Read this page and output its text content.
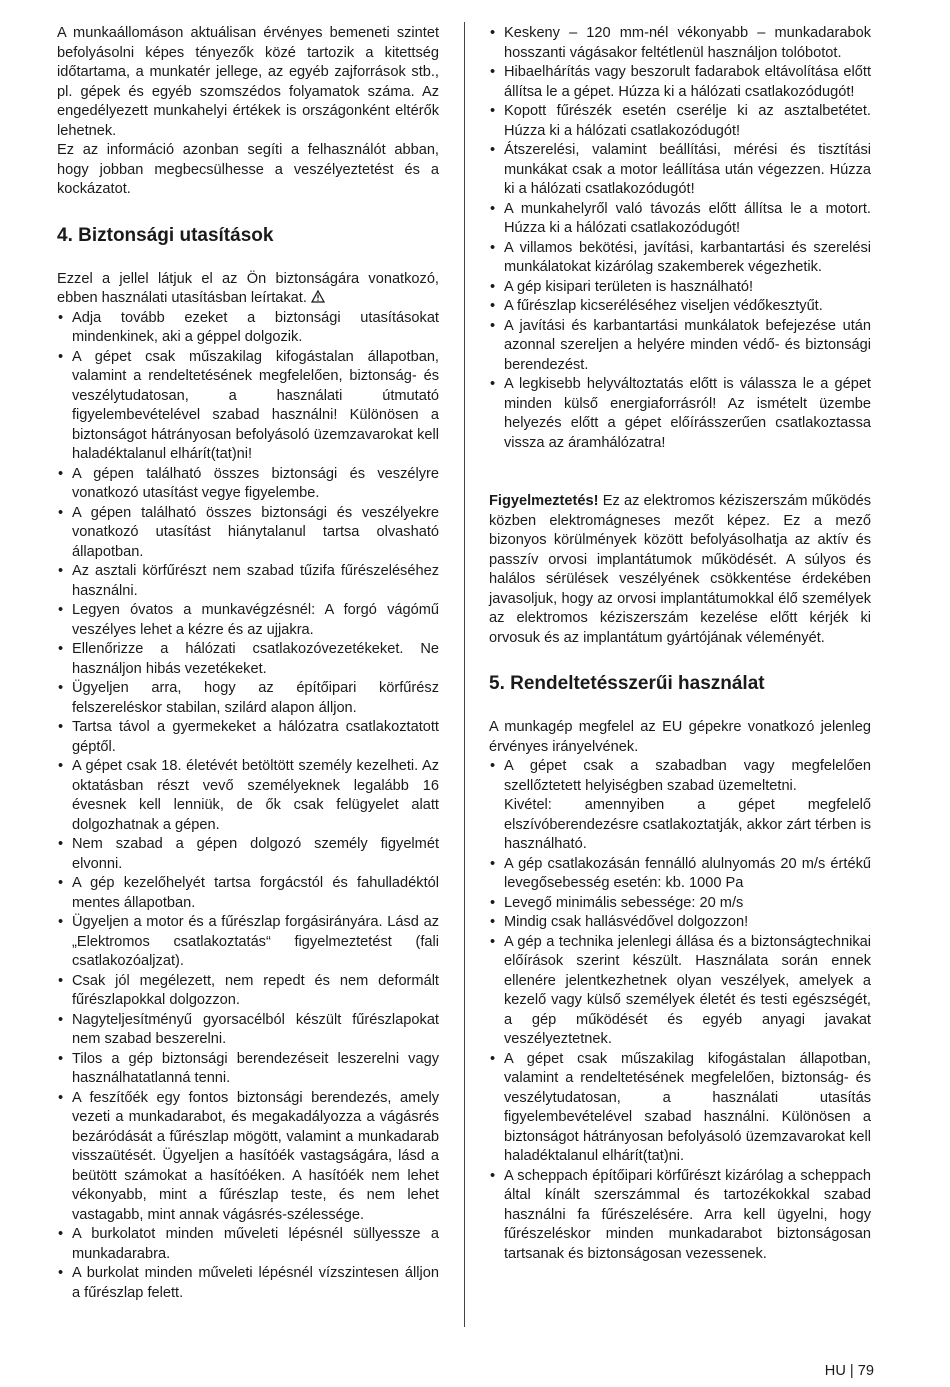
A munkaállomáson aktuálisan érvényes bemeneti szintet befolyásolni képes tényezők közé tartozik a kitettség időtartama, a munkatér jellege, az egyéb zajforrások stb., pl. gépek és egyéb szomszédos folyamatok száma. Az engedélyezett munkahelyi értékek is országonként eltérők lehetnek.

Ez az információ azonban segíti a felhasználót abban, hogy jobban megbecsülhesse a veszélyeztetést és a kockázatot.

4. Biztonsági utasítások

Ezzel a jellel látjuk el az Ön biztonságára vonatkozó, ebben használati utasításban leírtakat.

• Adja tovább ezeket a biztonsági utasításokat mindenkinek, aki a géppel dolgozik.
• A gépet csak műszakilag kifogástalan állapotban, valamint a rendeltetésének megfelelően, biztonság- és veszélytudatosan, a használati útmutató figyelembevételével szabad használni! Különösen a biztonságot hátrányosan befolyásoló üzemzavarokat kell haladéktalanul elhárít(tat)ni!
• A gépen található összes biztonsági és veszélyre vonatkozó utasítást vegye figyelembe.
• A gépen található összes biztonsági és veszélyekre vonatkozó utasítást hiánytalanul tartsa olvasható állapotban.
• Az asztali körfűrészt nem szabad tűzifa fűrészeléséhez használni.
• Legyen óvatos a munkavégzésnél: A forgó vágómű veszélyes lehet a kézre és az ujjakra.
• Ellenőrizze a hálózati csatlakozóvezetékeket. Ne használjon hibás vezetékeket.
• Ügyeljen arra, hogy az építőipari körfűrész felszereléskor stabilan, szilárd alapon álljon.
• Tartsa távol a gyermekeket a hálózatra csatlakoztatott géptől.
• A gépet csak 18. életévét betöltött személy kezelheti. Az oktatásban részt vevő személyeknek legalább 16 évesnek kell lenniük, de ők csak felügyelet alatt dolgozhatnak a gépen.
• Nem szabad a gépen dolgozó személy figyelmét elvonni.
• A gép kezelőhelyét tartsa forgácstól és fahulladéktól mentes állapotban.
• Ügyeljen a motor és a fűrészlap forgásirányára. Lásd az „Elektromos csatlakoztatás“ figyelmeztetést (fali csatlakozóaljzat).
• Csak jól megélezett, nem repedt és nem deformált fűrészlapokkal dolgozzon.
• Nagyteljesítményű gyorsacélból készült fűrészlapokat nem szabad beszerelni.
• Tilos a gép biztonsági berendezéseit leszerelni vagy használhatatlanná tenni.
• A feszítőék egy fontos biztonsági berendezés, amely vezeti a munkadarabot, és megakadályozza a vágásrés bezáródását a fűrészlap mögött, valamint a munkadarab visszaütését. Ügyeljen a hasítóék vastagságára, lásd a beütött számokat a hasítóéken. A hasítóék nem lehet vékonyabb, mint a fűrészlap teste, és nem lehet vastagabb, mint annak vágásrés-szélessége.
• A burkolatot minden műveleti lépésnél süllyessze a munkadarabra.
• A burkolat minden műveleti lépésnél vízszintesen álljon a fűrészlap felett.
• Keskeny – 120 mm-nél vékonyabb – munkadarabok hosszanti vágásakor feltétlenül használjon tolóbotot.
• Hibaelhárítás vagy beszorult fadarabok eltávolítása előtt állítsa le a gépet. Húzza ki a hálózati csatlakozódugót!
• Kopott fűrészék esetén cserélje ki az asztalbetétet. Húzza ki a hálózati csatlakozódugót!
• Átszerelési, valamint beállítási, mérési és tisztítási munkákat csak a motor leállítása után végezzen. Húzza ki a hálózati csatlakozódugót!
• A munkahelyről való távozás előtt állítsa le a motort. Húzza ki a hálózati csatlakozódugót!
• A villamos bekötési, javítási, karbantartási és szerelési munkálatokat kizárólag szakemberek végezhetik.
• A gép kisipari területen is használható!
• A fűrészlap kicseréléséhez viseljen védőkesztyűt.
• A javítási és karbantartási munkálatok befejezése után azonnal szereljen a helyére minden védő- és biztonsági berendezést.
• A legkisebb helyváltoztatás előtt is válassza le a gépet minden külső energiaforrásról! Az ismételt üzembe helyezés előtt a gépet előírásszerűen csatlakoztassa vissza az áramhálózatra!

Figyelmeztetés! Ez az elektromos kéziszerszám működés közben elektromágneses mezőt képez. Ez a mező bizonyos körülmények között befolyásolhatja az aktív és passzív orvosi implantátumok működését. A súlyos és halálos sérülések veszélyének csökkentése érdekében javasoljuk, hogy az orvosi implantátumokkal élő személyek az elektromos kéziszerszám kezelése előtt kérjék ki orvosuk és az implantátum gyártójának véleményét.

5. Rendeltetésszerűi használat

A munkagép megfelel az EU gépekre vonatkozó jelenleg érvényes irányelvének.

• A gépet csak a szabadban vagy megfelelően szellőztetett helyiségben szabad üzemeltetni.
Kivétel: amennyiben a gépet megfelelő elszívóberendezésre csatlakoztatják, akkor zárt térben is használható.
• A gép csatlakozásán fennálló alulnyomás 20 m/s értékű levegősebesség esetén: kb. 1000 Pa
• Levegő minimális sebessége: 20 m/s
• Mindig csak hallásvédővel dolgozzon!
• A gép a technika jelenlegi állása és a biztonságtechnikai előírások szerint készült. Használata során ennek ellenére jelentkezhetnek olyan veszélyek, amelyek a kezelő vagy külső személyek életét és testi egészségét, a gép működését és egyéb anyagi javakat veszélyeztetnek.
• A gépet csak műszakilag kifogástalan állapotban, valamint a rendeltetésének megfelelően, biztonság- és veszélytudatosan, a használati utasítás figyelembevételével szabad használni. Különösen a biztonságot hátrányosan befolyásoló üzemzavarokat kell haladéktalanul elhárít(tat)ni.
• A scheppach építőipari körfűrészt kizárólag a scheppach által kínált szerszámmal és tartozékokkal szabad használni fa fűrészelésére. Arra kell ügyelni, hogy fűrészeléskor minden munkadarabot biztonságosan tartsanak és biztonságosan vezessenek.
HU | 79
